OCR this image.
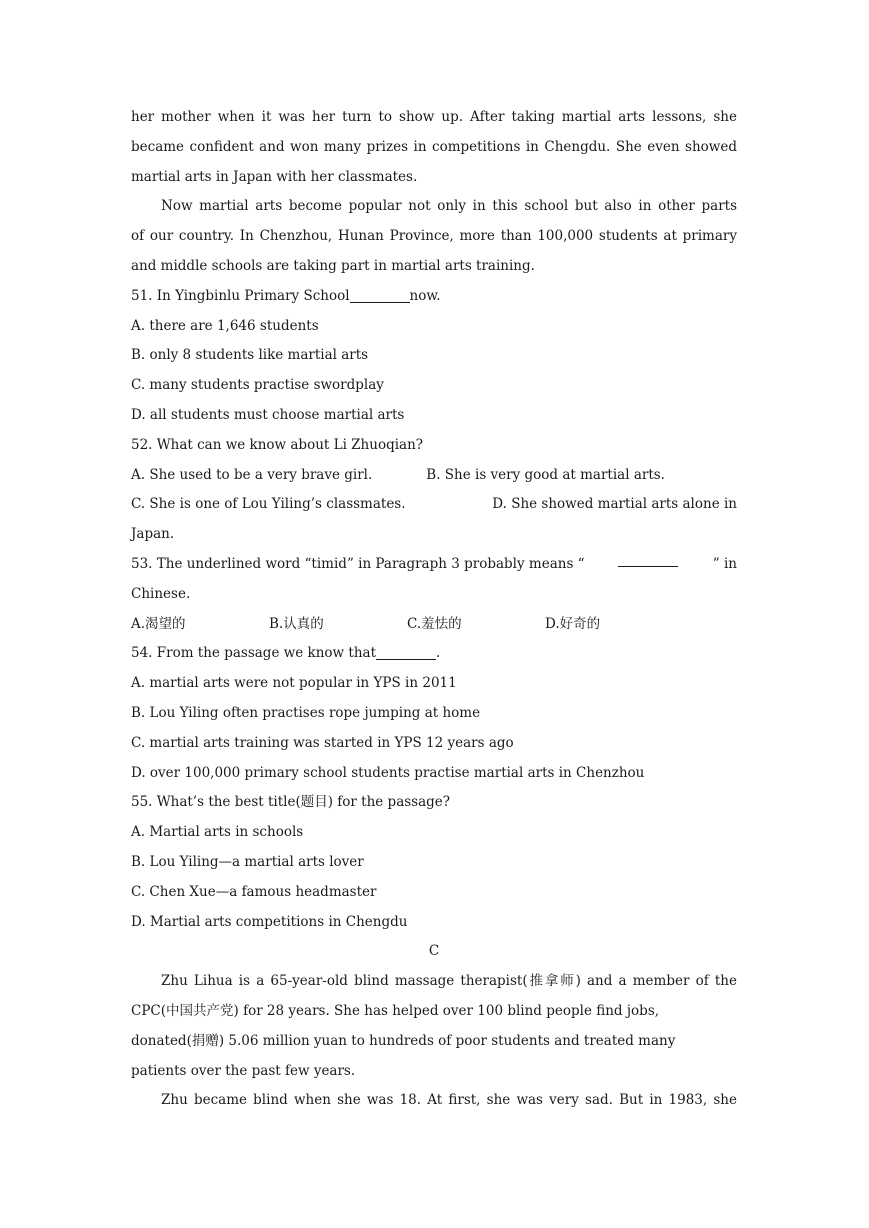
her mother when it was her turn to show up. After taking martial arts lessons, she
became confident and won many prizes in competitions in Chengdu. She even showed
martial arts in Japan with her classmates.
Now martial arts become popular not only in this school but also in other parts
of our country. In Chenzhou, Hunan Province, more than 100,000 students at primary
and middle schools are taking part in martial arts training.
51. In Yingbinlu Primary School	now.
A. there are 1,646 students
B. only 8 students like martial arts
C. many students practise swordplay
D. all students must choose martial arts
52. What can we know about Li Zhuoqian?
A. She used to be a very brave girl.	B. She is very good at martial arts.
C. She is one of Lou Yiling’s classmates.	D. She showed martial arts alone in
Japan.
53. The underlined word “timid” in Paragraph 3 probably means “	” in
Chinese.
A.渴望的	B.认真的	C.羞怯的	D.好奇的
54. From the passage we know that	.
A. martial arts were not popular in YPS in 2011
B. Lou Yiling often practises rope jumping at home
C. martial arts training was started in YPS 12 years ago
D. over 100,000 primary school students practise martial arts in Chenzhou
55. What’s the best title(题目) for the passage?
A. Martial arts in schools
B. Lou Yiling—a martial arts lover
C. Chen Xue—a famous headmaster
D. Martial arts competitions in Chengdu
C
Zhu Lihua is a 65-year-old blind massage therapist(推拿师) and a member of the
CPC(中国共产党) for 28 years. She has helped over 100 blind people find jobs,
donated(捐赠) 5.06 million yuan to hundreds of poor students and treated many
patients over the past few years.
Zhu became blind when she was 18. At first, she was very sad. But in 1983, she
